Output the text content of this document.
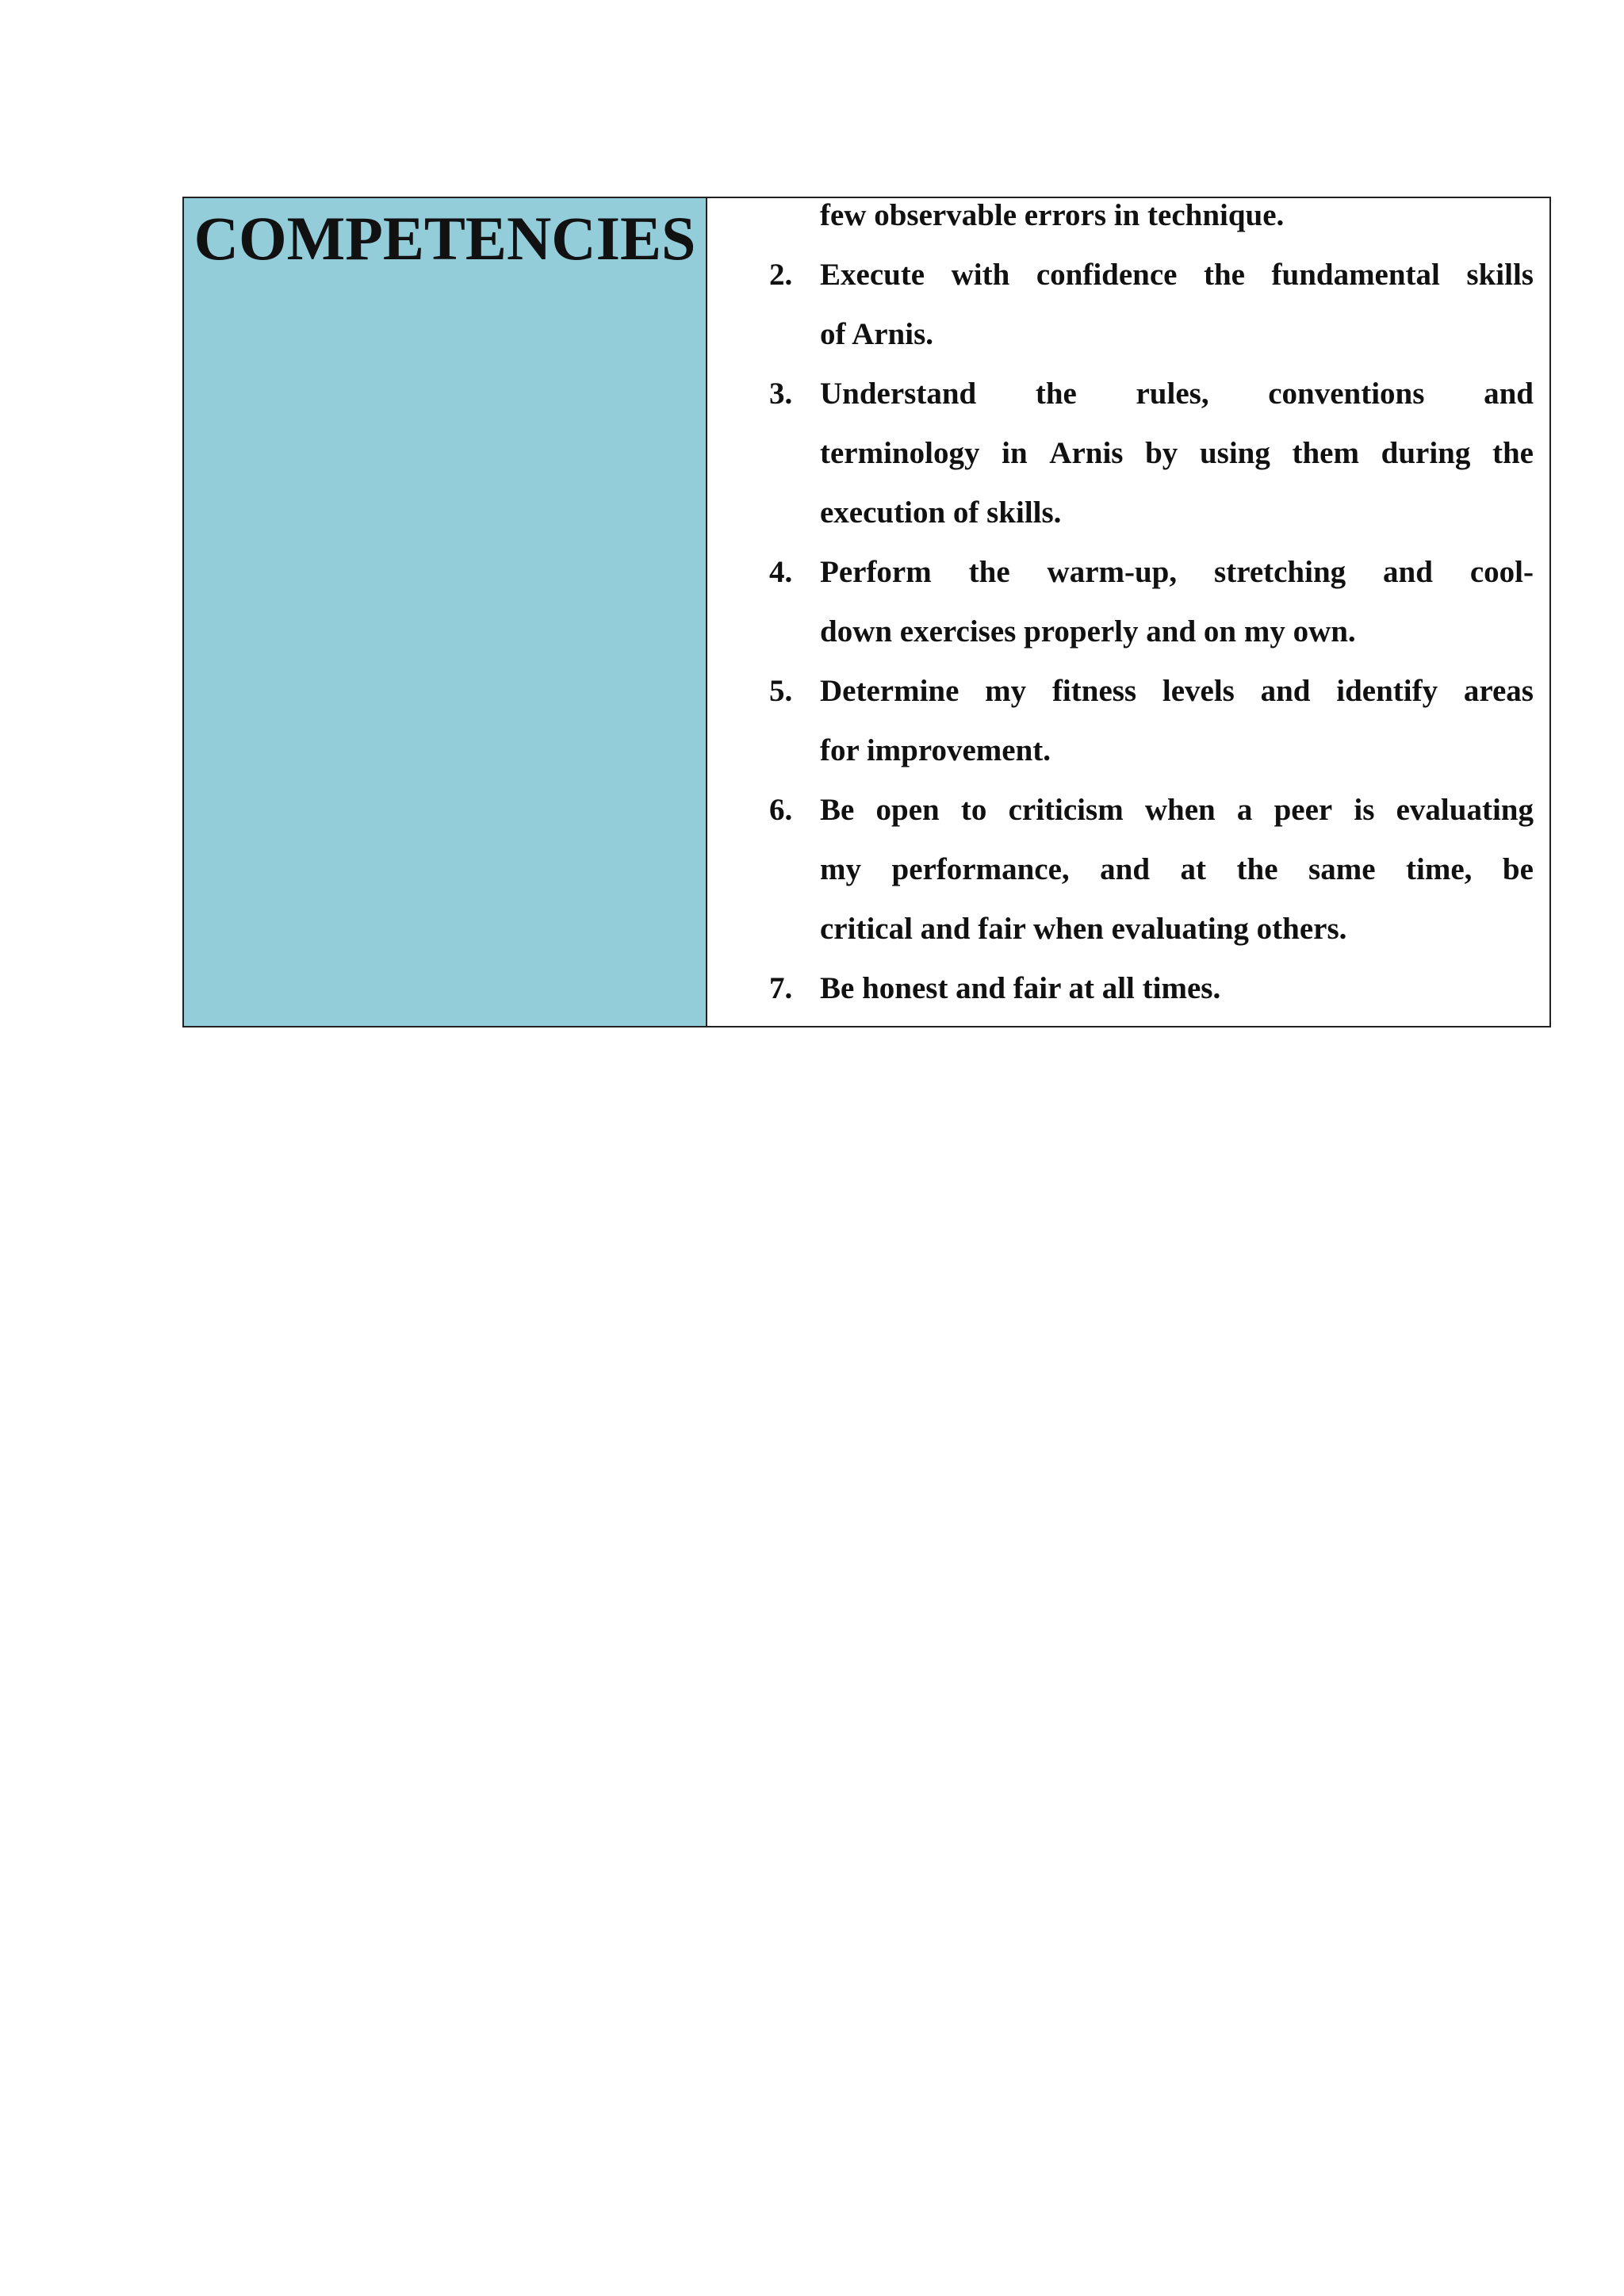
COMPETENCIES	few observable errors in technique.
2. Execute with confidence the fundamental skills
of Arnis.
3. Understand the rules, conventions and
terminology in Arnis by using them during the
execution of skills.
4. Perform the warm-up, stretching and cool-
down exercises properly and on my own.
5. Determine my fitness levels and identify areas
for improvement.
6. Be open to criticism when a peer is evaluating
my performance, and at the same time, be
critical and fair when evaluating others.
7. Be honest and fair at all times.
